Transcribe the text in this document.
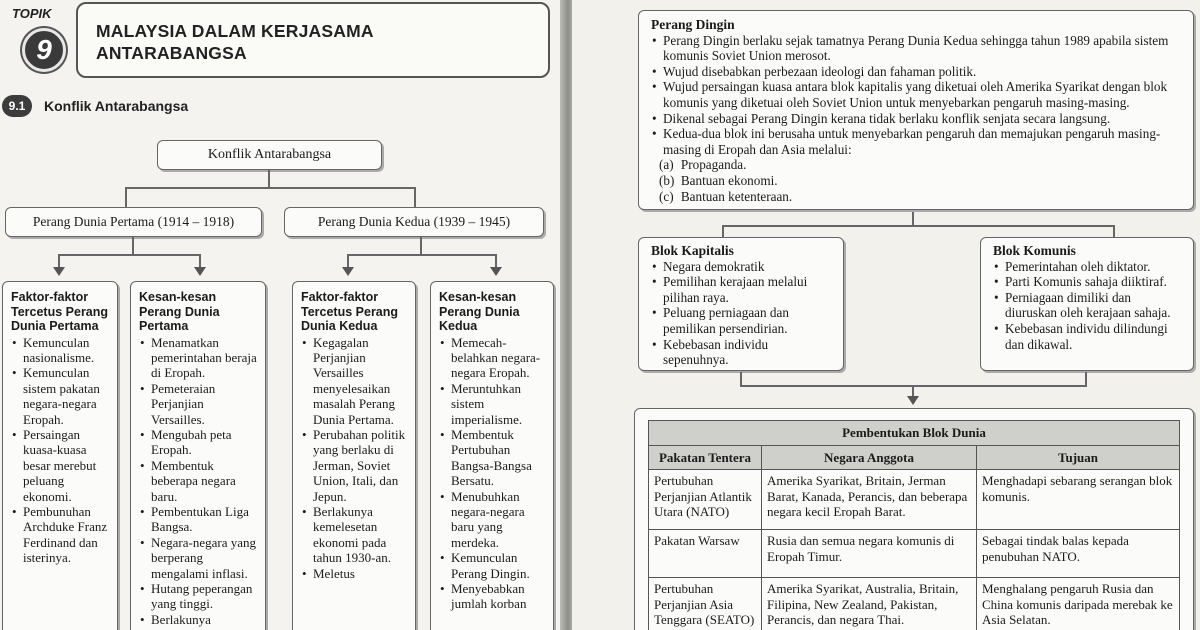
TOPIK
9
MALAYSIA DALAM KERJASAMA
ANTARABANGSA
9.1	Konflik Antarabangsa
Konflik Antarabangsa
Perang Dunia Pertama (1914 – 1918)	Perang Dunia Kedua (1939 – 1945)
Faktor-faktor Tercetus Perang Dunia Pertama
• Kemunculan nasionalisme.
• Kemunculan sistem pakatan negara-negara Eropah.
• Persaingan kuasa-kuasa besar merebut peluang ekonomi.
• Pembunuhan Archduke Franz Ferdinand dan isterinya.
Kesan-kesan Perang Dunia Pertama
• Menamatkan pemerintahan beraja di Eropah.
• Pemeteraian Perjanjian Versailles.
• Mengubah peta Eropah.
• Membentuk beberapa negara baru.
• Pembentukan Liga Bangsa.
• Negara-negara yang berperang mengalami inflasi.
• Hutang peperangan yang tinggi.
• Berlakunya
Faktor-faktor Tercetus Perang Dunia Kedua
• Kegagalan Perjanjian Versailles menyelesaikan masalah Perang Dunia Pertama.
• Perubahan politik yang berlaku di Jerman, Soviet Union, Itali, dan Jepun.
• Berlakunya kemelesetan ekonomi pada tahun 1930-an.
• Meletus
Kesan-kesan Perang Dunia Kedua
• Memecah-belahkan negara-negara Eropah.
• Meruntuhkan sistem imperialisme.
• Membentuk Pertubuhan Bangsa-Bangsa Bersatu.
• Menubuhkan negara-negara baru yang merdeka.
• Kemunculan Perang Dingin.
• Menyebabkan jumlah korban
Perang Dingin
• Perang Dingin berlaku sejak tamatnya Perang Dunia Kedua sehingga tahun 1989 apabila sistem komunis Soviet Union merosot.
• Wujud disebabkan perbezaan ideologi dan fahaman politik.
• Wujud persaingan kuasa antara blok kapitalis yang diketuai oleh Amerika Syarikat dengan blok komunis yang diketuai oleh Soviet Union untuk menyebarkan pengaruh masing-masing.
• Dikenal sebagai Perang Dingin kerana tidak berlaku konflik senjata secara langsung.
• Kedua-dua blok ini berusaha untuk menyebarkan pengaruh dan memajukan pengaruh masing-masing di Eropah dan Asia melalui:
(a) Propaganda.
(b) Bantuan ekonomi.
(c) Bantuan ketenteraan.
Blok Kapitalis
• Negara demokratik
• Pemilihan kerajaan melalui pilihan raya.
• Peluang perniagaan dan pemilikan persendirian.
• Kebebasan individu sepenuhnya.
Blok Komunis
• Pemerintahan oleh diktator.
• Parti Komunis sahaja diiktiraf.
• Perniagaan dimiliki dan diuruskan oleh kerajaan sahaja.
• Kebebasan individu dilindungi dan dikawal.
Pembentukan Blok Dunia		
Pakatan Tentera	Negara Anggota	Tujuan
Pertubuhan Perjanjian Atlantik Utara (NATO)	Amerika Syarikat, Britain, Jerman Barat, Kanada, Perancis, dan beberapa negara kecil Eropah Barat.	Menghadapi sebarang serangan blok komunis.
Pakatan Warsaw	Rusia dan semua negara komunis di Eropah Timur.	Sebagai tindak balas kepada penubuhan NATO.
Pertubuhan Perjanjian Asia Tenggara (SEATO)	Amerika Syarikat, Australia, Britain, Filipina, New Zealand, Pakistan, Perancis, dan negara Thai.	Menghalang pengaruh Rusia dan China komunis daripada merebak ke Asia Selatan.
